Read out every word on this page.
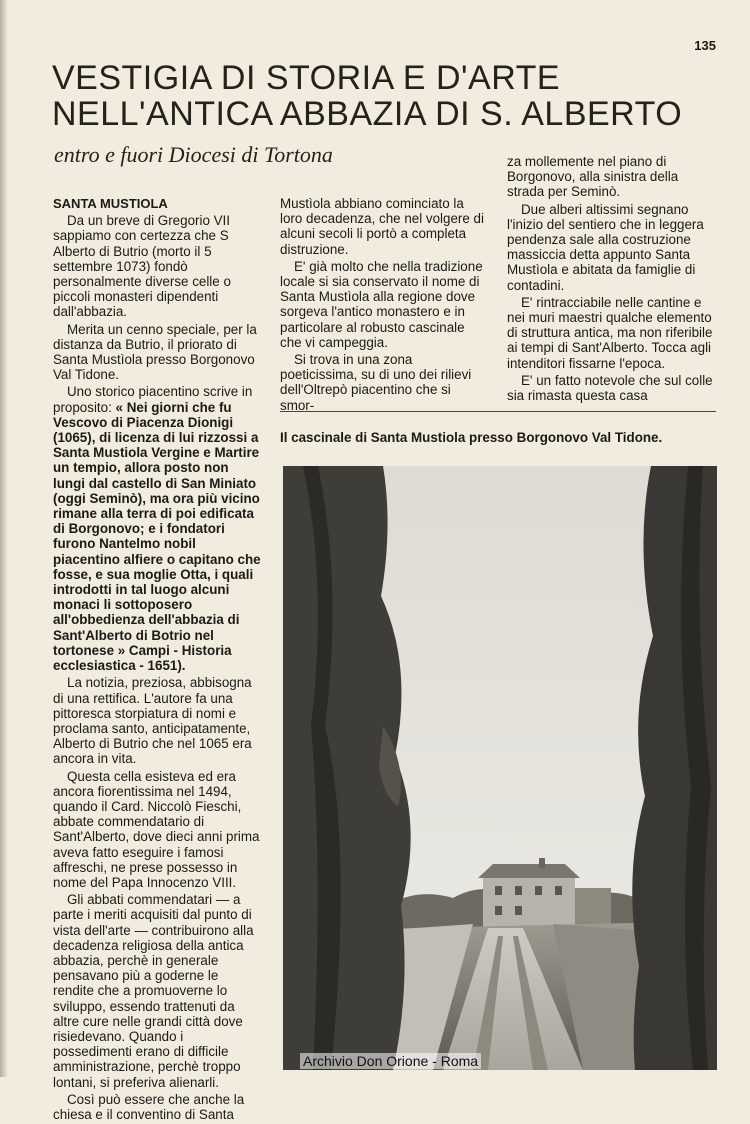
135
VESTIGIA DI STORIA E D'ARTE
NELL'ANTICA ABBAZIA DI S. ALBERTO
entro e fuori Diocesi di Tortona

SANTA MUSTIOLA

Da un breve di Gregorio VII sappiamo con certezza che S Alberto di Butrio (morto il 5 settembre 1073) fondò personalmente diverse celle o piccoli monasteri dipendenti dall'abbazia.

Merita un cenno speciale, per la distanza da Butrio, il priorato di Santa Mustìola presso Borgonovo Val Tidone.

Uno storico piacentino scrive in proposito: « Nei giorni che fu Vescovo di Piacenza Dionigi (1065), di licenza di lui rizzossi a Santa Mustiola Vergine e Martire un tempio, allora posto non lungi dal castello di San Miniato (oggi Seminò), ma ora più vicino rimane alla terra di poi edificata di Borgonovo; e i fondatori furono Nantelmo nobil piacentino alfiere o capitano che fosse, e sua moglie Otta, i quali introdotti in tal luogo alcuni monaci li sottoposero all'obbedienza dell'abbazia di Sant'Alberto di Botrio nel tortonese » Campi - Historia ecclesiastica - 1651).

La notizia, preziosa, abbisogna di una rettifica. L'autore fa una pittoresca storpiatura di nomi e proclama santo, anticipatamente, Alberto di Butrio che nel 1065 era ancora in vita.

Questa cella esisteva ed era ancora fiorentissima nel 1494, quando il Card. Niccolò Fieschi, abbate commendatario di Sant'Alberto, dove dieci anni prima aveva fatto eseguire i famosi affreschi, ne prese possesso in nome del Papa Innocenzo VIII.

Gli abbati commendatari — a parte i meriti acquisiti dal punto di vista dell'arte — contribuirono alla decadenza religiosa della antica abbazia, perchè in generale pensavano più a goderne le rendite che a promuoverne lo sviluppo, essendo trattenuti da altre cure nelle grandi città dove risiedevano. Quando i possedimenti erano di difficile amministrazione, perchè troppo lontani, si preferiva alienarli.

Così può essere che anche la chiesa e il conventino di Santa

Mustìola abbiano cominciato la loro decadenza, che nel volgere di alcuni secoli li portò a completa distruzione.

E' già molto che nella tradizione locale si sia conservato il nome di Santa Mustìola alla regione dove sorgeva l'antico monastero e in particolare al robusto cascinale che vi campeggia.

Si trova in una zona poeticissima, su di uno dei rilievi dell'Oltrepò piacentino che si smor-

za mollemente nel piano di Borgonovo, alla sinistra della strada per Seminò.

Due alberi altissimi segnano l'inizio del sentiero che in leggera pendenza sale alla costruzione massiccia detta appunto Santa Mustìola e abitata da famiglie di contadini.

E' rintracciabile nelle cantine e nei muri maestri qualche elemento di struttura antica, ma non riferibile ai tempi di Sant'Alberto. Tocca agli intenditori fissarne l'epoca.

E' un fatto notevole che sul colle sia rimasta questa casa

Il cascinale di Santa Mustiola presso Borgonovo Val Tidone.
Archivio Don Orione - Roma
